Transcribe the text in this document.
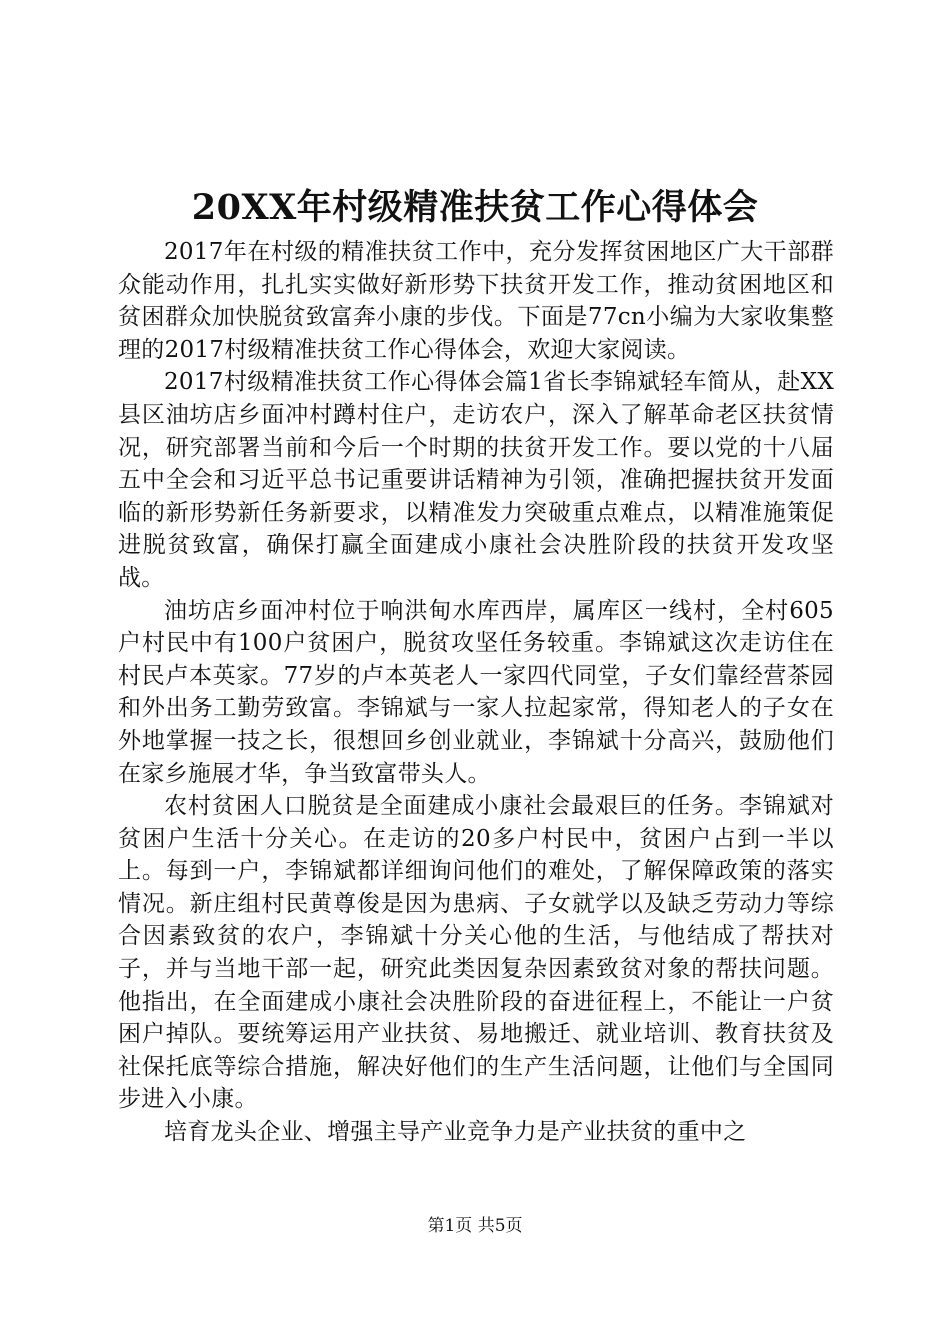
20XX年村级精准扶贫工作心得体会

2017年在村级的精准扶贫工作中，充分发挥贫困地区广大干部群众能动作用，扎扎实实做好新形势下扶贫开发工作，推动贫困地区和贫困群众加快脱贫致富奔小康的步伐。下面是77cn小编为大家收集整理的2017村级精准扶贫工作心得体会，欢迎大家阅读。

2017村级精准扶贫工作心得体会篇1省长李锦斌轻车简从，赴XX县区油坊店乡面冲村蹲村住户，走访农户，深入了解革命老区扶贫情况，研究部署当前和今后一个时期的扶贫开发工作。要以党的十八届五中全会和习近平总书记重要讲话精神为引领，准确把握扶贫开发面临的新形势新任务新要求，以精准发力突破重点难点，以精准施策促进脱贫致富，确保打赢全面建成小康社会决胜阶段的扶贫开发攻坚战。

油坊店乡面冲村位于响洪甸水库西岸，属库区一线村，全村605户村民中有100户贫困户，脱贫攻坚任务较重。李锦斌这次走访住在村民卢本英家。77岁的卢本英老人一家四代同堂，子女们靠经营茶园和外出务工勤劳致富。李锦斌与一家人拉起家常，得知老人的子女在外地掌握一技之长，很想回乡创业就业，李锦斌十分高兴，鼓励他们在家乡施展才华，争当致富带头人。

农村贫困人口脱贫是全面建成小康社会最艰巨的任务。李锦斌对贫困户生活十分关心。在走访的20多户村民中，贫困户占到一半以上。每到一户，李锦斌都详细询问他们的难处，了解保障政策的落实情况。新庄组村民黄尊俊是因为患病、子女就学以及缺乏劳动力等综合因素致贫的农户，李锦斌十分关心他的生活，与他结成了帮扶对子，并与当地干部一起，研究此类因复杂因素致贫对象的帮扶问题。他指出，在全面建成小康社会决胜阶段的奋进征程上，不能让一户贫困户掉队。要统筹运用产业扶贫、易地搬迁、就业培训、教育扶贫及社保托底等综合措施，解决好他们的生产生活问题，让他们与全国同步进入小康。

培育龙头企业、增强主导产业竞争力是产业扶贫的重中之

第1页 共5页
